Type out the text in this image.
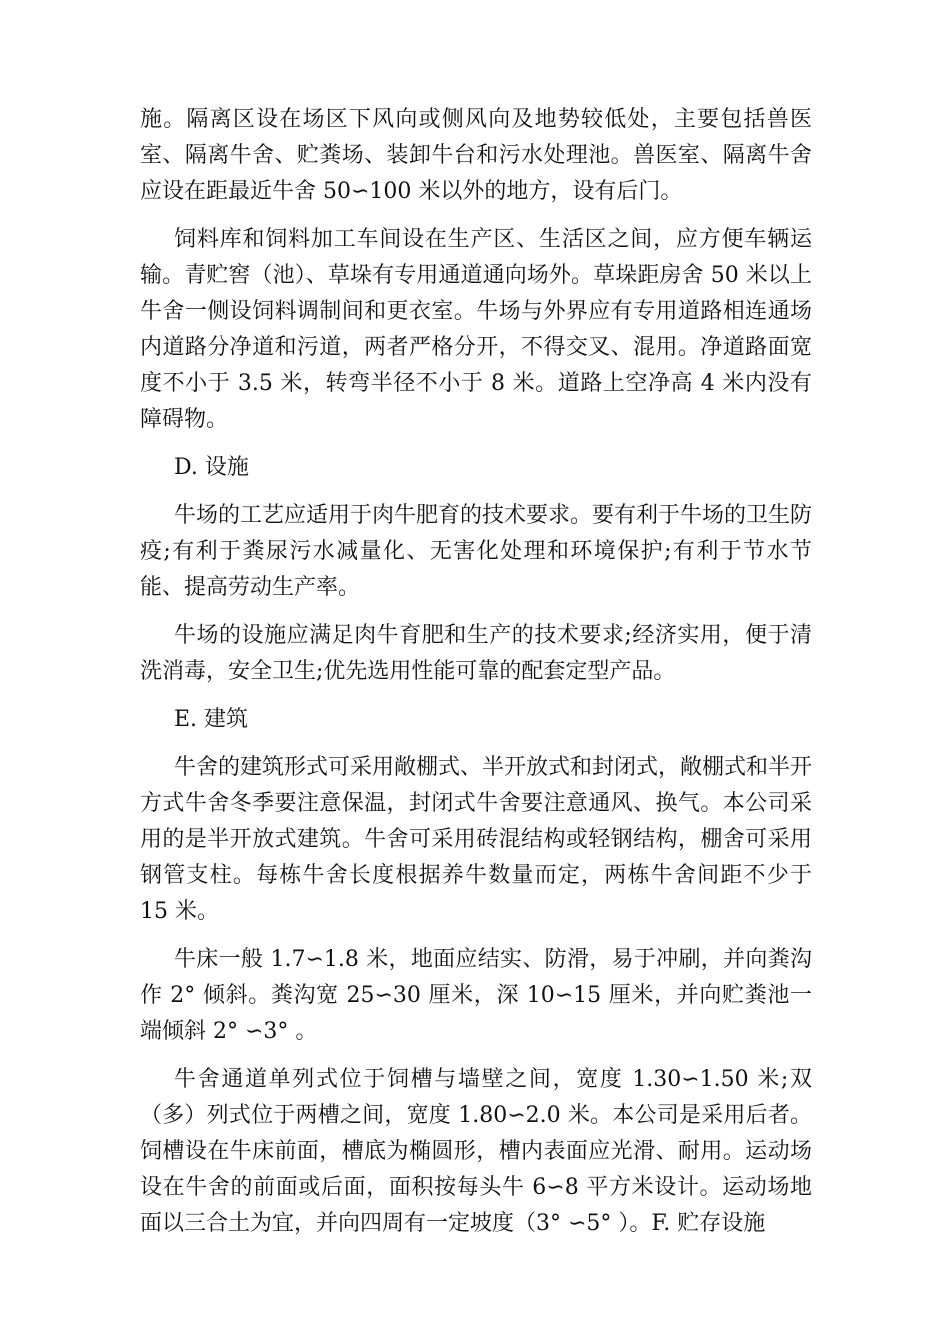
施。隔离区设在场区下风向或侧风向及地势较低处，主要包括兽医室、隔离牛舍、贮粪场、装卸牛台和污水处理池。兽医室、隔离牛舍应设在距最近牛舍 50∽100 米以外的地方，设有后门。

饲料库和饲料加工车间设在生产区、生活区之间，应方便车辆运输。青贮窖（池）、草垛有专用通道通向场外。草垛距房舍 50 米以上牛舍一侧设饲料调制间和更衣室。牛场与外界应有专用道路相连通场内道路分净道和污道，两者严格分开，不得交叉、混用。净道路面宽度不小于 3.5 米，转弯半径不小于 8 米。道路上空净高 4 米内没有障碍物。

D. 设施

牛场的工艺应适用于肉牛肥育的技术要求。要有利于牛场的卫生防疫;有利于粪尿污水减量化、无害化处理和环境保护;有利于节水节能、提高劳动生产率。

牛场的设施应满足肉牛育肥和生产的技术要求;经济实用，便于清洗消毒，安全卫生;优先选用性能可靠的配套定型产品。

E. 建筑

牛舍的建筑形式可采用敞棚式、半开放式和封闭式，敞棚式和半开方式牛舍冬季要注意保温，封闭式牛舍要注意通风、换气。本公司采用的是半开放式建筑。牛舍可采用砖混结构或轻钢结构，棚舍可采用钢管支柱。每栋牛舍长度根据养牛数量而定，两栋牛舍间距不少于 15 米。

牛床一般 1.7∽1.8 米，地面应结实、防滑，易于冲刷，并向粪沟作 2° 倾斜。粪沟宽 25∽30 厘米，深 10∽15 厘米，并向贮粪池一端倾斜 2° ∽3° 。

牛舍通道单列式位于饲槽与墙壁之间，宽度 1.30∽1.50 米;双（多）列式位于两槽之间，宽度 1.80∽2.0 米。本公司是采用后者。饲槽设在牛床前面，槽底为椭圆形，槽内表面应光滑、耐用。运动场设在牛舍的前面或后面，面积按每头牛 6∽8 平方米设计。运动场地面以三合土为宜，并向四周有一定坡度（3° ∽5° ）。F. 贮存设施
